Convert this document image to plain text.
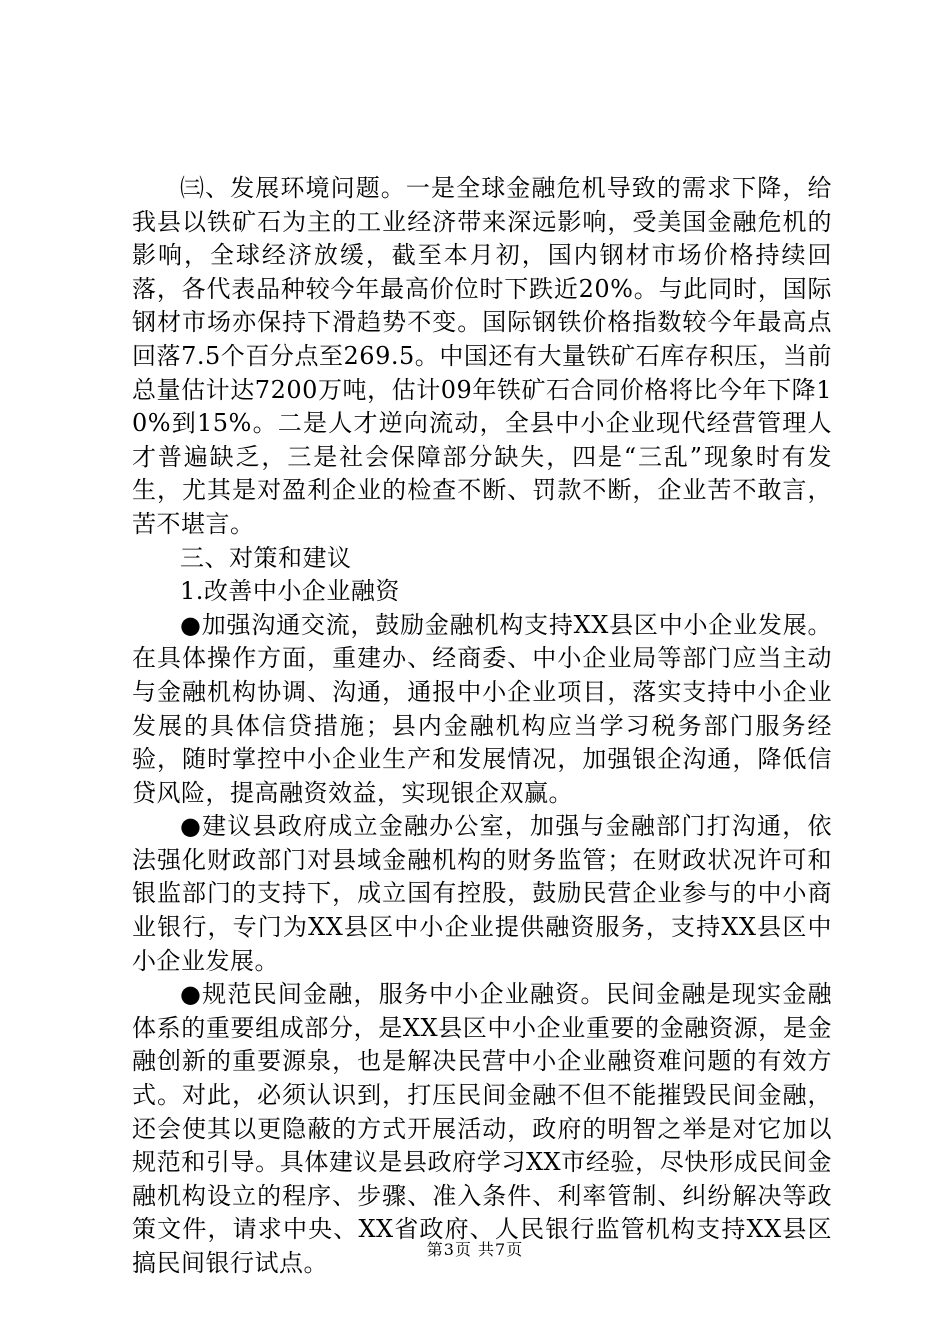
㈢、发展环境问题。一是全球金融危机导致的需求下降，给我县以铁矿石为主的工业经济带来深远影响，受美国金融危机的影响，全球经济放缓，截至本月初，国内钢材市场价格持续回落，各代表品种较今年最高价位时下跌近20%。与此同时，国际钢材市场亦保持下滑趋势不变。国际钢铁价格指数较今年最高点回落7.5个百分点至269.5。中国还有大量铁矿石库存积压，当前总量估计达7200万吨，估计09年铁矿石合同价格将比今年下降10%到15%。二是人才逆向流动，全县中小企业现代经营管理人才普遍缺乏，三是社会保障部分缺失，四是“三乱”现象时有发生，尤其是对盈利企业的检查不断、罚款不断，企业苦不敢言，苦不堪言。

三、对策和建议

1.改善中小企业融资

●加强沟通交流，鼓励金融机构支持XX县区中小企业发展。在具体操作方面，重建办、经商委、中小企业局等部门应当主动与金融机构协调、沟通，通报中小企业项目，落实支持中小企业发展的具体信贷措施；县内金融机构应当学习税务部门服务经验，随时掌控中小企业生产和发展情况，加强银企沟通，降低信贷风险，提高融资效益，实现银企双赢。

●建议县政府成立金融办公室，加强与金融部门打沟通，依法强化财政部门对县域金融机构的财务监管；在财政状况许可和银监部门的支持下，成立国有控股，鼓励民营企业参与的中小商业银行，专门为XX县区中小企业提供融资服务，支持XX县区中小企业发展。

●规范民间金融，服务中小企业融资。民间金融是现实金融体系的重要组成部分，是XX县区中小企业重要的金融资源，是金融创新的重要源泉，也是解决民营中小企业融资难问题的有效方式。对此，必须认识到，打压民间金融不但不能摧毁民间金融，还会使其以更隐蔽的方式开展活动，政府的明智之举是对它加以规范和引导。具体建议是县政府学习XX市经验，尽快形成民间金融机构设立的程序、步骤、准入条件、利率管制、纠纷解决等政策文件，请求中央、XX省政府、人民银行监管机构支持XX县区搞民间银行试点。	第3页 共7页
